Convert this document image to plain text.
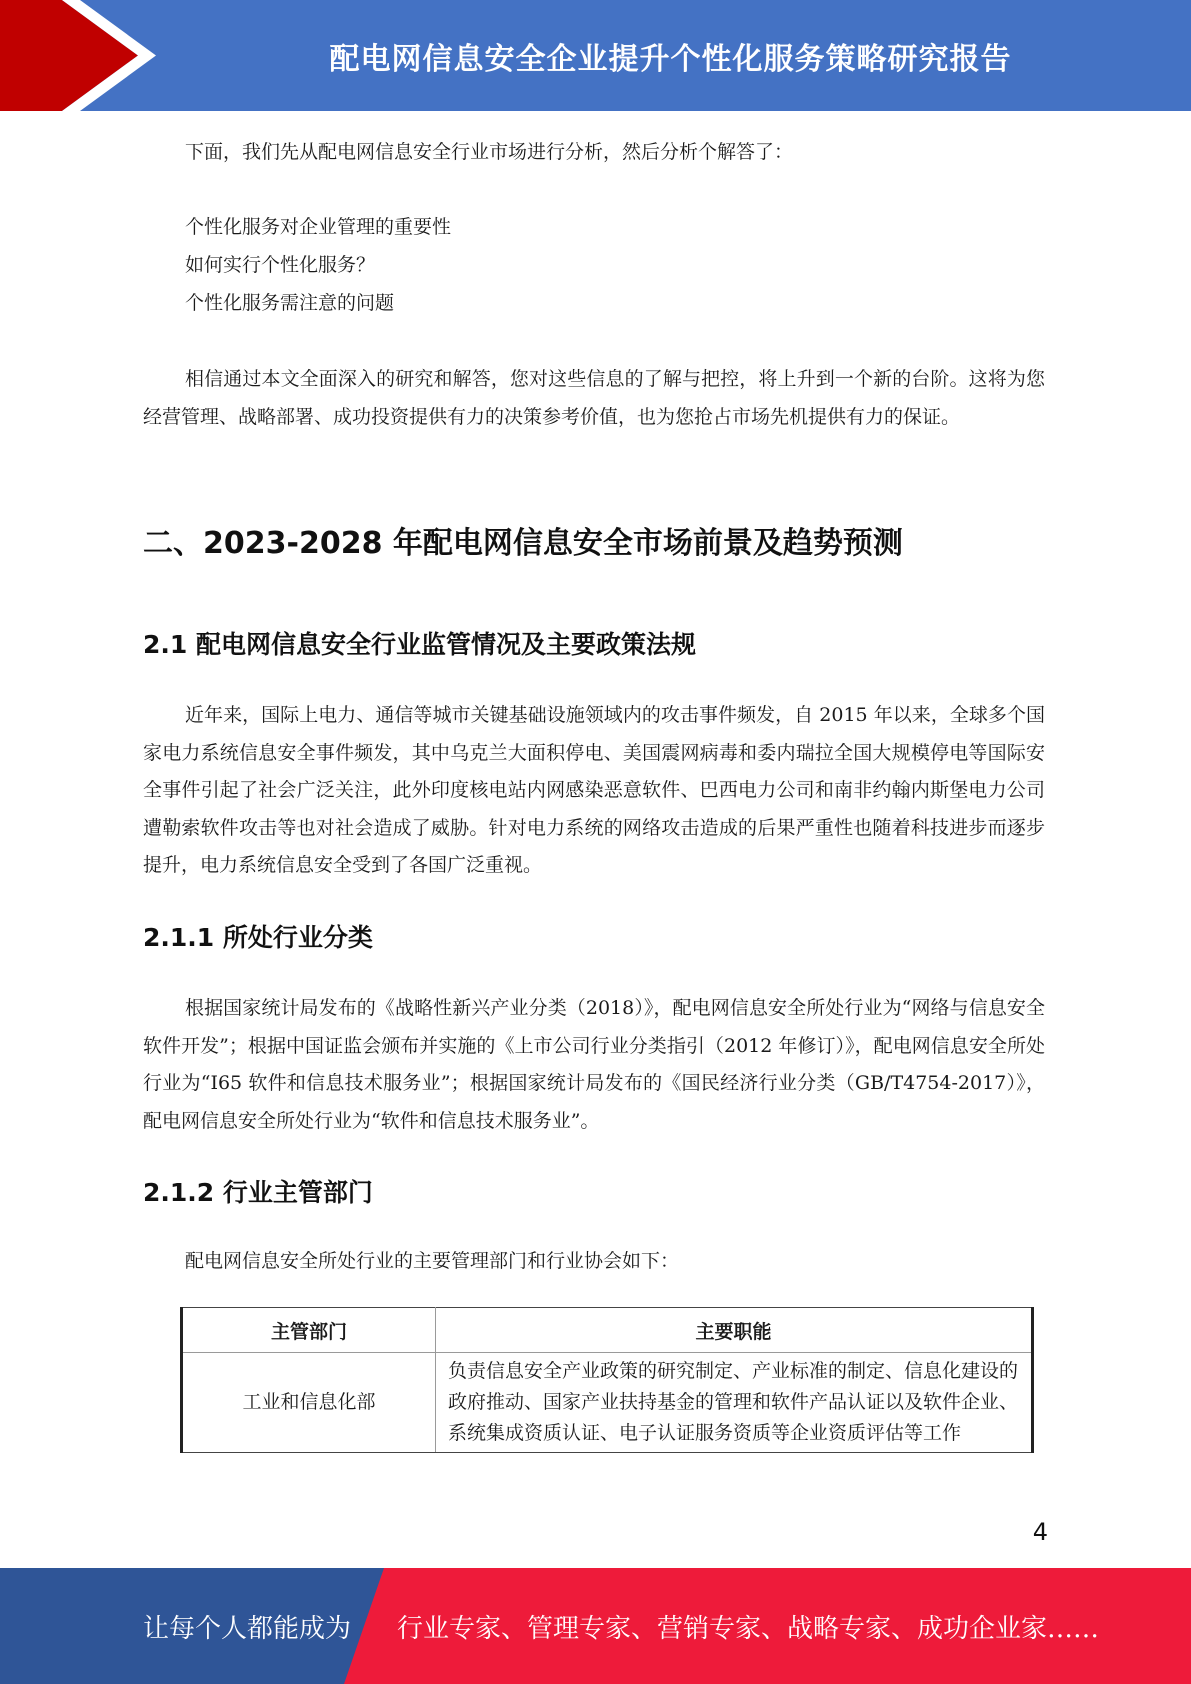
配电网信息安全企业提升个性化服务策略研究报告
下面，我们先从配电网信息安全行业市场进行分析，然后分析个解答了：
个性化服务对企业管理的重要性
如何实行个性化服务？
个性化服务需注意的问题
相信通过本文全面深入的研究和解答，您对这些信息的了解与把控，将上升到一个新的台阶。这将为您经营管理、战略部署、成功投资提供有力的决策参考价值，也为您抢占市场先机提供有力的保证。
二、2023-2028 年配电网信息安全市场前景及趋势预测
2.1 配电网信息安全行业监管情况及主要政策法规
近年来，国际上电力、通信等城市关键基础设施领域内的攻击事件频发，自 2015 年以来，全球多个国家电力系统信息安全事件频发，其中乌克兰大面积停电、美国震网病毒和委内瑞拉全国大规模停电等国际安全事件引起了社会广泛关注，此外印度核电站内网感染恶意软件、巴西电力公司和南非约翰内斯堡电力公司遭勒索软件攻击等也对社会造成了威胁。针对电力系统的网络攻击造成的后果严重性也随着科技进步而逐步提升，电力系统信息安全受到了各国广泛重视。
2.1.1 所处行业分类
根据国家统计局发布的《战略性新兴产业分类（2018）》，配电网信息安全所处行业为“网络与信息安全软件开发”；根据中国证监会颁布并实施的《上市公司行业分类指引（2012 年修订）》，配电网信息安全所处行业为“I65 软件和信息技术服务业”；根据国家统计局发布的《国民经济行业分类（GB/T4754-2017）》，配电网信息安全所处行业为“软件和信息技术服务业”。
2.1.2 行业主管部门
配电网信息安全所处行业的主要管理部门和行业协会如下：
主管部门	主要职能
工业和信息化部	负责信息安全产业政策的研究制定、产业标准的制定、信息化建设的政府推动、国家产业扶持基金的管理和软件产品认证以及软件企业、系统集成资质认证、电子认证服务资质等企业资质评估等工作
4
让每个人都能成为 行业专家、管理专家、营销专家、战略专家、成功企业家……
